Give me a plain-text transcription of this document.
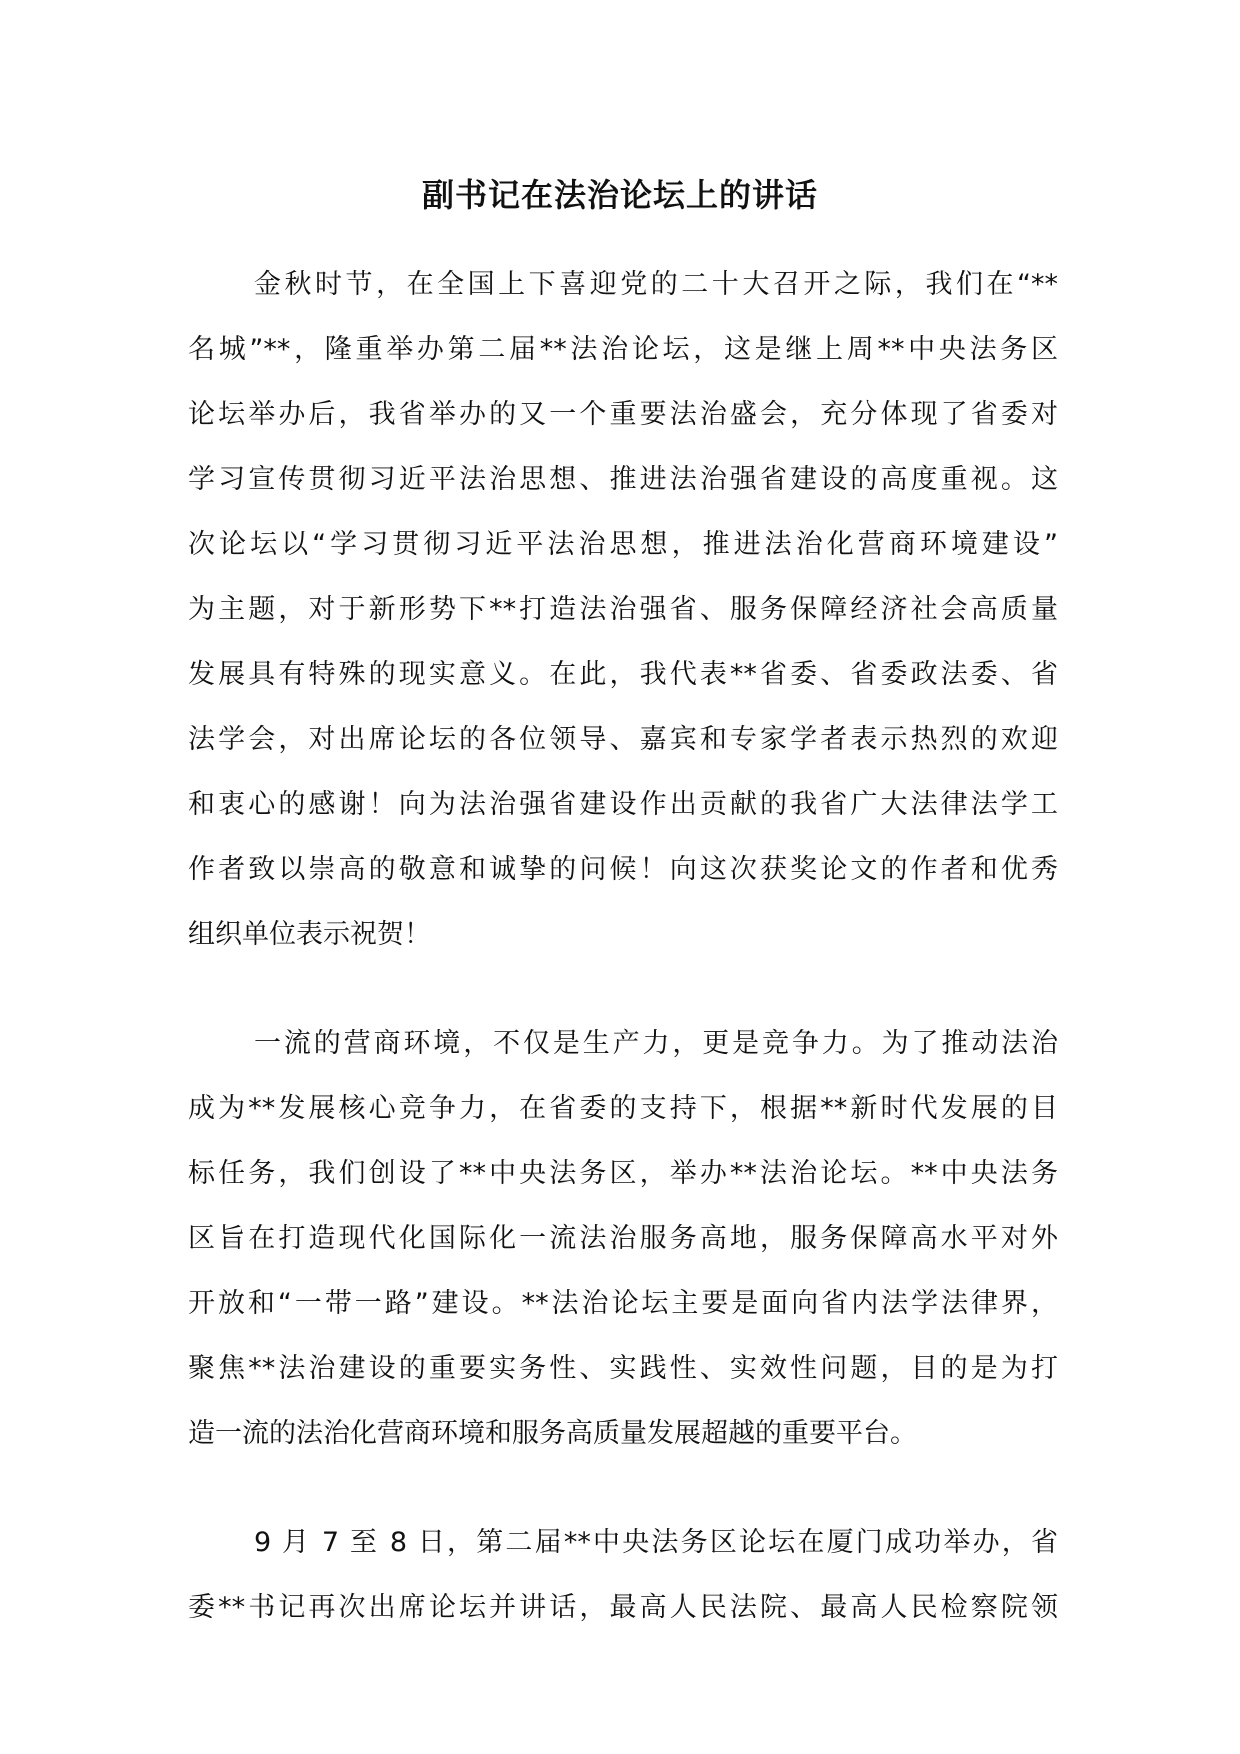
副书记在法治论坛上的讲话

金秋时节，在全国上下喜迎党的二十大召开之际，我们在“**
名城”**，隆重举办第二届**法治论坛，这是继上周**中央法务区
论坛举办后，我省举办的又一个重要法治盛会，充分体现了省委对
学习宣传贯彻习近平法治思想、推进法治强省建设的高度重视。这
次论坛以“学习贯彻习近平法治思想，推进法治化营商环境建设”
为主题，对于新形势下**打造法治强省、服务保障经济社会高质量
发展具有特殊的现实意义。在此，我代表**省委、省委政法委、省
法学会，对出席论坛的各位领导、嘉宾和专家学者表示热烈的欢迎
和衷心的感谢！向为法治强省建设作出贡献的我省广大法律法学工
作者致以崇高的敬意和诚挚的问候！向这次获奖论文的作者和优秀
组织单位表示祝贺！

一流的营商环境，不仅是生产力，更是竞争力。为了推动法治
成为**发展核心竞争力，在省委的支持下，根据**新时代发展的目
标任务，我们创设了**中央法务区，举办**法治论坛。**中央法务
区旨在打造现代化国际化一流法治服务高地，服务保障高水平对外
开放和“一带一路”建设。**法治论坛主要是面向省内法学法律界，
聚焦**法治建设的重要实务性、实践性、实效性问题，目的是为打
造一流的法治化营商环境和服务高质量发展超越的重要平台。

9 月 7 至 8 日，第二届**中央法务区论坛在厦门成功举办，省
委**书记再次出席论坛并讲话，最高人民法院、最高人民检察院领
